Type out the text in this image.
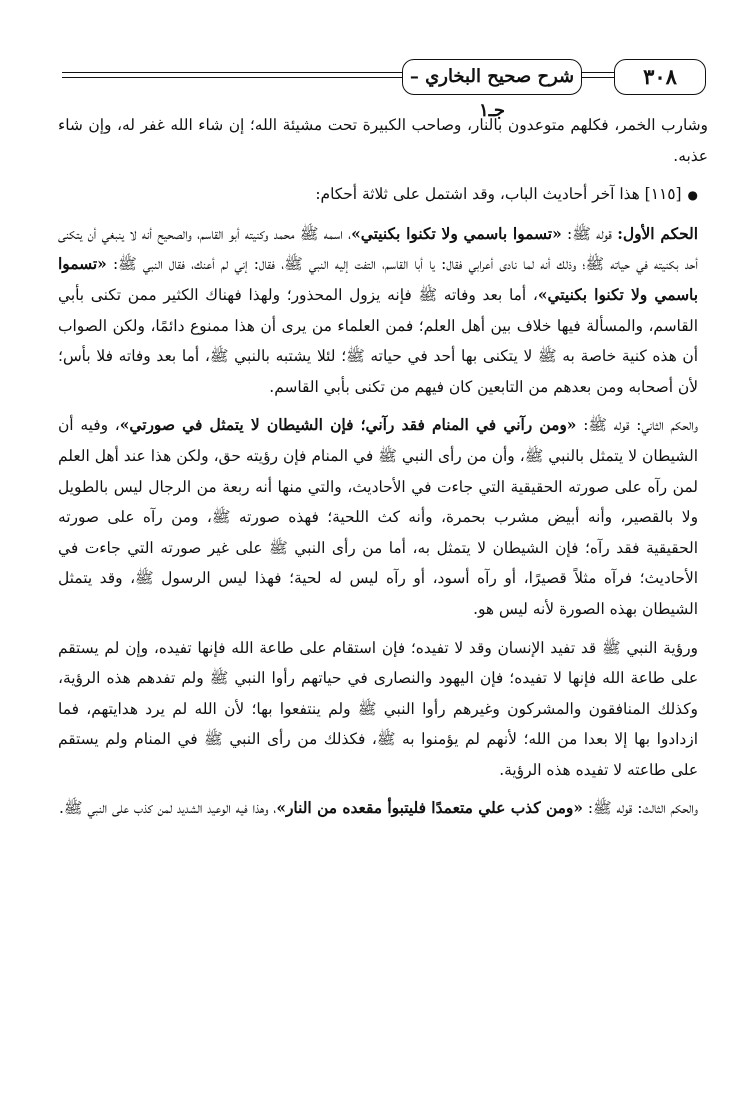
٣٠٨
شرح صحيح البخاري – جـ١

وشارب الخمر، فكلهم متوعدون بالنار، وصاحب الكبيرة تحت مشيئة الله؛ إن شاء الله غفر له، وإن شاء عذبه.

●[١١٥] هذا آخر أحاديث الباب، وقد اشتمل على ثلاثة أحكام:

الحكم الأول: قوله ﷺ: «تسموا باسمي ولا تكنوا بكنيتي»، اسمه ﷺ محمد وكنيته أبو القاسم، والصحيح أنه لا ينبغي أن يتكنى أحد بكنيته في حياته ﷺ؛ وذلك أنه لما نادى أعرابي فقال: يا أبا القاسم، التفت إليه النبي ﷺ، فقال: إني لم أعنك، فقال النبي ﷺ: «تسموا باسمي ولا تكنوا بكنيتي»، أما بعد وفاته ﷺ فإنه يزول المحذور؛ ولهذا فهناك الكثير ممن تكنى بأبي القاسم، والمسألة فيها خلاف بين أهل العلم؛ فمن العلماء من يرى أن هذا ممنوع دائمًا، ولكن الصواب أن هذه كنية خاصة به ﷺ لا يتكنى بها أحد في حياته ﷺ؛ لئلا يشتبه بالنبي ﷺ، أما بعد وفاته فلا بأس؛ لأن أصحابه ومن بعدهم من التابعين كان فيهم من تكنى بأبي القاسم.

والحكم الثاني: قوله ﷺ: «ومن رآني في المنام فقد رآني؛ فإن الشيطان لا يتمثل في صورتي»، وفيه أن الشيطان لا يتمثل بالنبي ﷺ، وأن من رأى النبي ﷺ في المنام فإن رؤيته حق، ولكن هذا عند أهل العلم لمن رآه على صورته الحقيقية التي جاءت في الأحاديث، والتي منها أنه ربعة من الرجال ليس بالطويل ولا بالقصير، وأنه أبيض مشرب بحمرة، وأنه كث اللحية؛ فهذه صورته ﷺ، ومن رآه على صورته الحقيقية فقد رآه؛ فإن الشيطان لا يتمثل به، أما من رأى النبي ﷺ على غير صورته التي جاءت في الأحاديث؛ فرآه مثلاً قصيرًا، أو رآه أسود، أو رآه ليس له لحية؛ فهذا ليس الرسول ﷺ، وقد يتمثل الشيطان بهذه الصورة لأنه ليس هو.

ورؤية النبي ﷺ قد تفيد الإنسان وقد لا تفيده؛ فإن استقام على طاعة الله فإنها تفيده، وإن لم يستقم على طاعة الله فإنها لا تفيده؛ فإن اليهود والنصارى في حياتهم رأوا النبي ﷺ ولم تفدهم هذه الرؤية، وكذلك المنافقون والمشركون وغيرهم رأوا النبي ﷺ ولم ينتفعوا بها؛ لأن الله لم يرد هدايتهم، فما ازدادوا بها إلا بعدا من الله؛ لأنهم لم يؤمنوا به ﷺ، فكذلك من رأى النبي ﷺ في المنام ولم يستقم على طاعته لا تفيده هذه الرؤية.

والحكم الثالث: قوله ﷺ: «ومن كذب علي متعمدًا فليتبوأ مقعده من النار»، وهذا فيه الوعيد الشديد لمن كذب على النبي ﷺ.
